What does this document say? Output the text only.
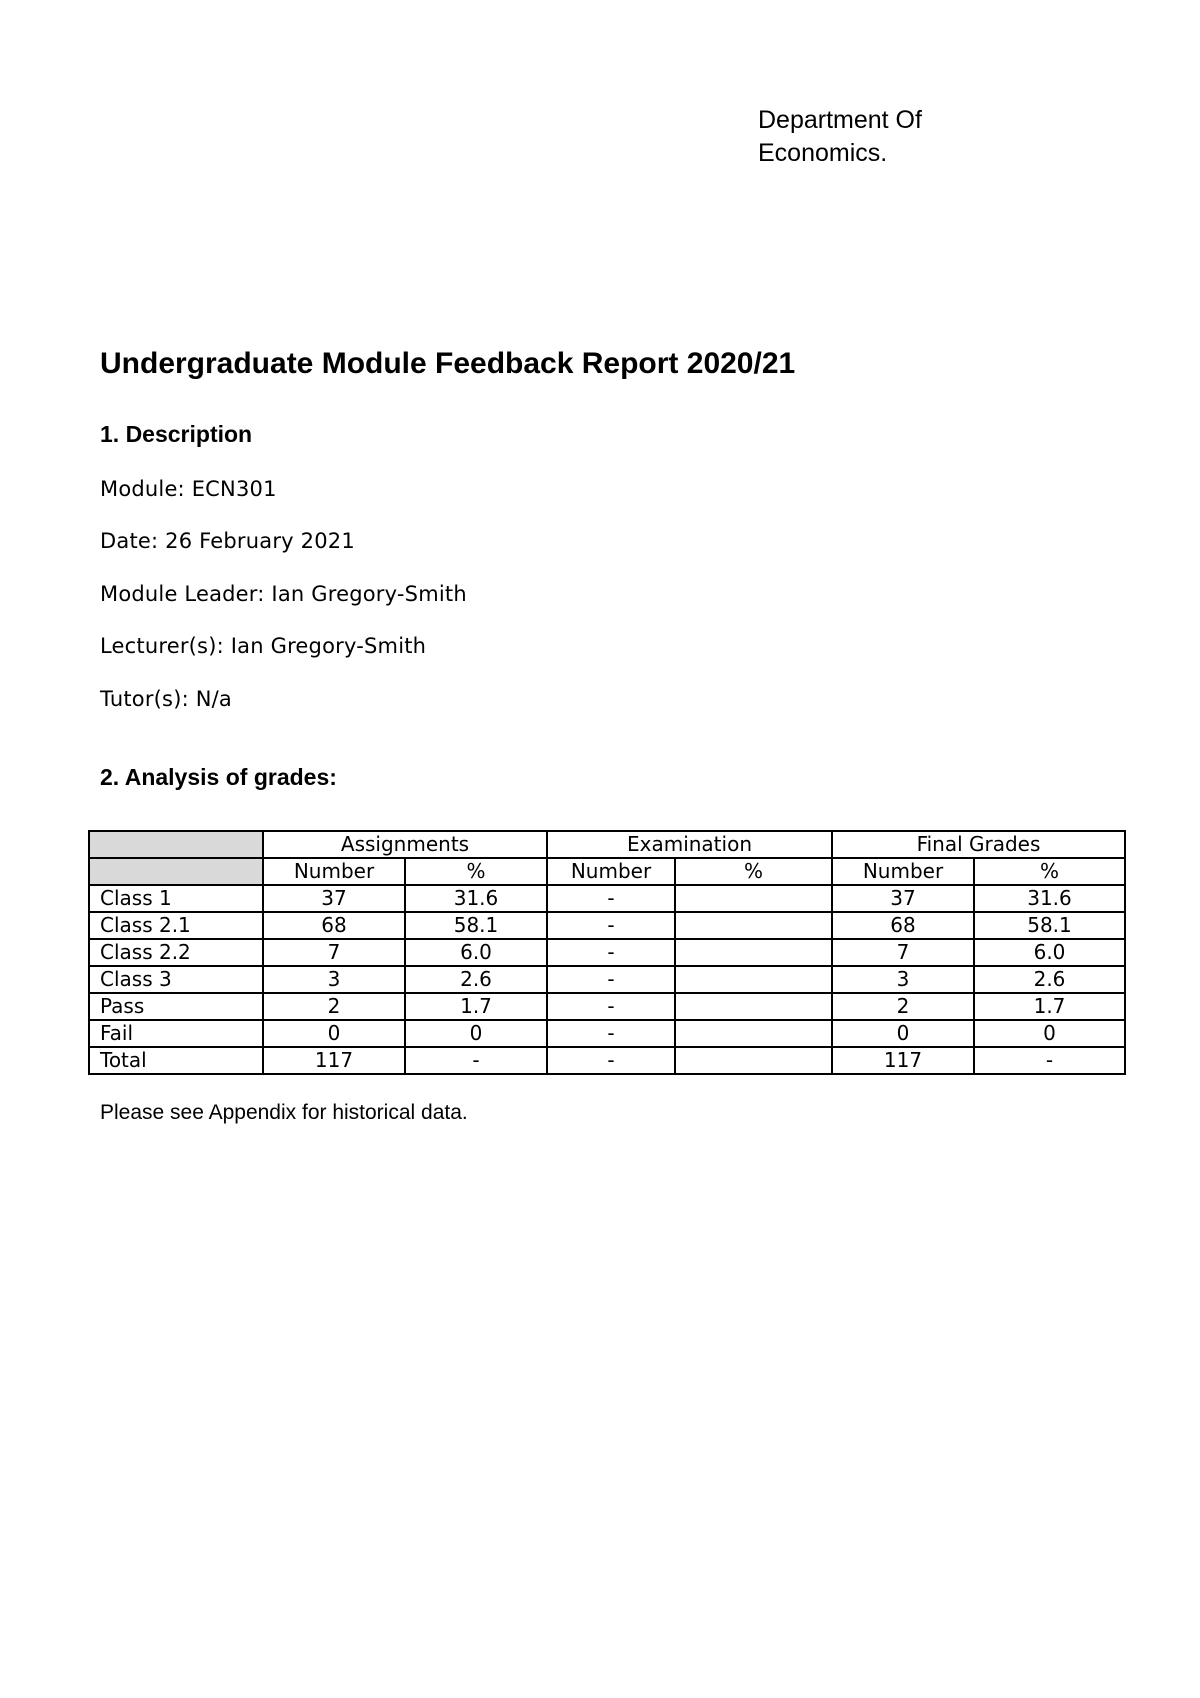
Department Of
Economics.
Undergraduate Module Feedback Report 2020/21
1. Description
Module: ECN301
Date: 26 February 2021
Module Leader: Ian Gregory-Smith
Lecturer(s): Ian Gregory-Smith
Tutor(s): N/a
2. Analysis of grades:
	Assignments		Examination		Final Grades	
	Number	%	Number	%	Number	%
Class 1	37	31.6	-		37	31.6
Class 2.1	68	58.1	-		68	58.1
Class 2.2	7	6.0	-		7	6.0
Class 3	3	2.6	-		3	2.6
Pass	2	1.7	-		2	1.7
Fail	0	0	-		0	0
Total	117	-	-		117	-
Please see Appendix for historical data.
